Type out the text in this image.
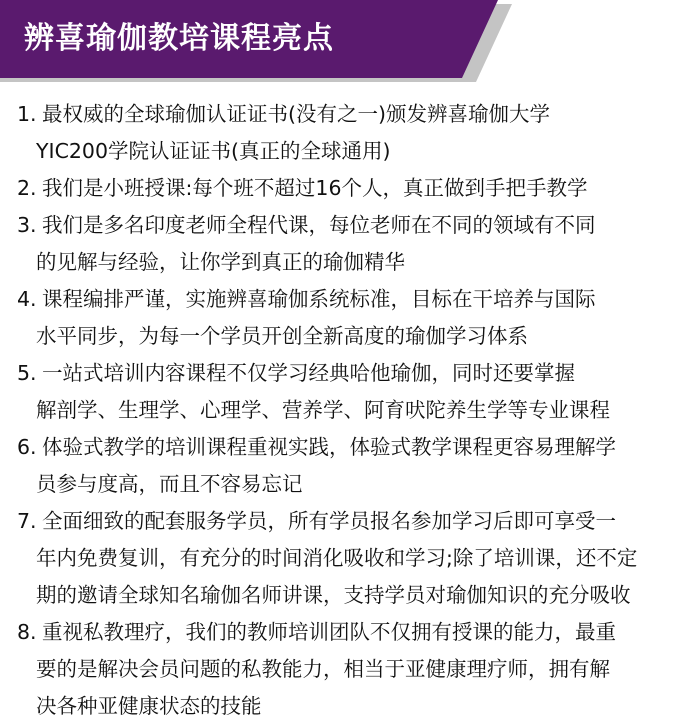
辨喜瑜伽教培课程亮点
1. 最权威的全球瑜伽认证证书(没有之一)颁发辨喜瑜伽大学
YIC200学院认证证书(真正的全球通用)
2. 我们是小班授课:每个班不超过16个人，真正做到手把手教学
3. 我们是多名印度老师全程代课，每位老师在不同的领域有不同
的见解与经验，让你学到真正的瑜伽精华
4. 课程编排严谨，实施辨喜瑜伽系统标准，目标在干培养与国际
水平同步，为每一个学员开创全新高度的瑜伽学习体系
5. 一站式培训内容课程不仅学习经典哈他瑜伽，同时还要掌握
解剖学、生理学、心理学、营养学、阿育吠陀养生学等专业课程
6. 体验式教学的培训课程重视实践，体验式教学课程更容易理解学
员参与度高，而且不容易忘记
7. 全面细致的配套服务学员，所有学员报名参加学习后即可享受一
年内免费复训，有充分的时间消化吸收和学习;除了培训课，还不定
期的邀请全球知名瑜伽名师讲课，支持学员对瑜伽知识的充分吸收
8. 重视私教理疗，我们的教师培训团队不仅拥有授课的能力，最重
要的是解决会员问题的私教能力，相当于亚健康理疗师，拥有解
决各种亚健康状态的技能
